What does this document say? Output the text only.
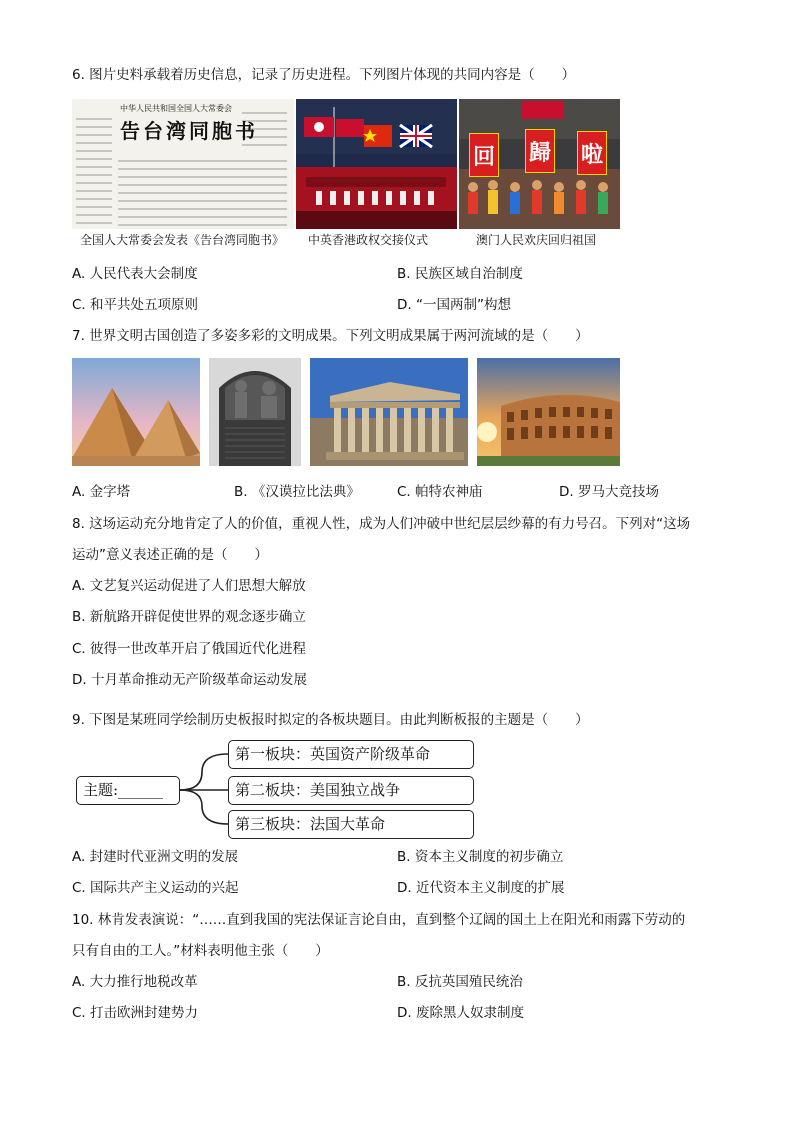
6. 图片史料承载着历史信息，记录了历史进程。下列图片体现的共同内容是（　　）
中华人民共和国全国人大常委会
告台湾同胞书
全国人大常委会发表《告台湾同胞书》 中英香港政权交接仪式
回 歸 啦
澳门人民欢庆回归祖国
A. 人民代表大会制度	B. 民族区域自治制度
C. 和平共处五项原则	D. “一国两制”构想
7. 世界文明古国创造了多姿多彩的文明成果。下列文明成果属于两河流域的是（　　）
A. 金字塔	B. 《汉谟拉比法典》	C. 帕特农神庙	D. 罗马大竞技场
8. 这场运动充分地肯定了人的价值，重视人性，成为人们冲破中世纪层层纱幕的有力号召。下列对“这场
运动”意义表述正确的是（　　）
A. 文艺复兴运动促进了人们思想大解放
B. 新航路开辟促使世界的观念逐步确立
C. 彼得一世改革开启了俄国近代化进程
D. 十月革命推动无产阶级革命运动发展
9. 下图是某班同学绘制历史板报时拟定的各板块题目。由此判断板报的主题是（　　）
主题:______
第一板块：英国资产阶级革命
第二板块：美国独立战争
第三板块：法国大革命
A. 封建时代亚洲文明的发展	B. 资本主义制度的初步确立
C. 国际共产主义运动的兴起	D. 近代资本主义制度的扩展
10. 林肯发表演说：“……直到我国的宪法保证言论自由，直到整个辽阔的国土上在阳光和雨露下劳动的
只有自由的工人。”材料表明他主张（　　）
A. 大力推行地税改革	B. 反抗英国殖民统治
C. 打击欧洲封建势力	D. 废除黑人奴隶制度
